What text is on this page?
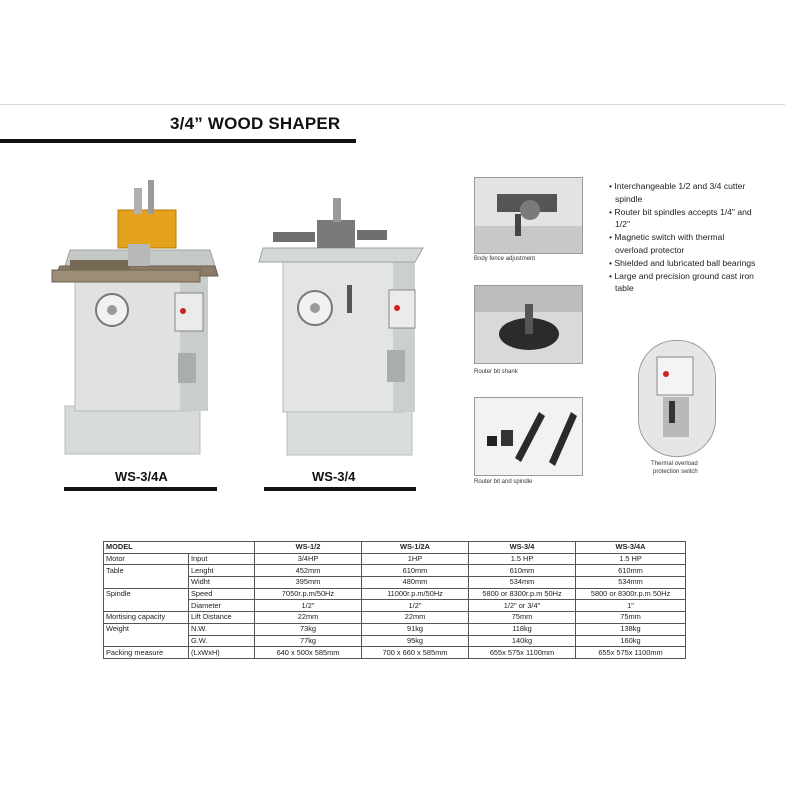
3/4” WOOD SHAPER
WS-3/4A	WS-3/4
Body fence adjustment
Router bit shank
Router bit and spindle
Thermal overload
protection switch
• Interchangeable 1/2 and 3/4 cutter spindle
• Router bit spindles accepts 1/4" and 1/2"
• Magnetic switch with thermal overload protector
• Shielded and lubricated ball bearings
• Large and precision ground cast iron table
MODEL		WS-1/2	WS-1/2A	WS-3/4	WS-3/4A
Motor	Input	3/4HP	1HP	1.5 HP	1.5 HP
Table	Lenght	452mm	610mm	610mm	610mm
	Widht	395mm	480mm	534mm	534mm
Spindle	Speed	7050r.p.m/50Hz	11000r.p.m/50Hz	5800 or 8300r.p.m 50Hz	5800 or 8300r.p.m 50Hz
	Diameter	1/2"	1/2"	1/2" or 3/4"	1"
Mortising capacity	Lift Distance	22mm	22mm	75mm	75mm
Weight	N.W.	73kg	91kg	118kg	138kg
	G.W.	77kg	95kg	140kg	160kg
Packing measure	(LxWxH)	640 x 500x 585mm	700 x 660 x 585mm	655x 575x 1100mm	655x 575x 1100mm
